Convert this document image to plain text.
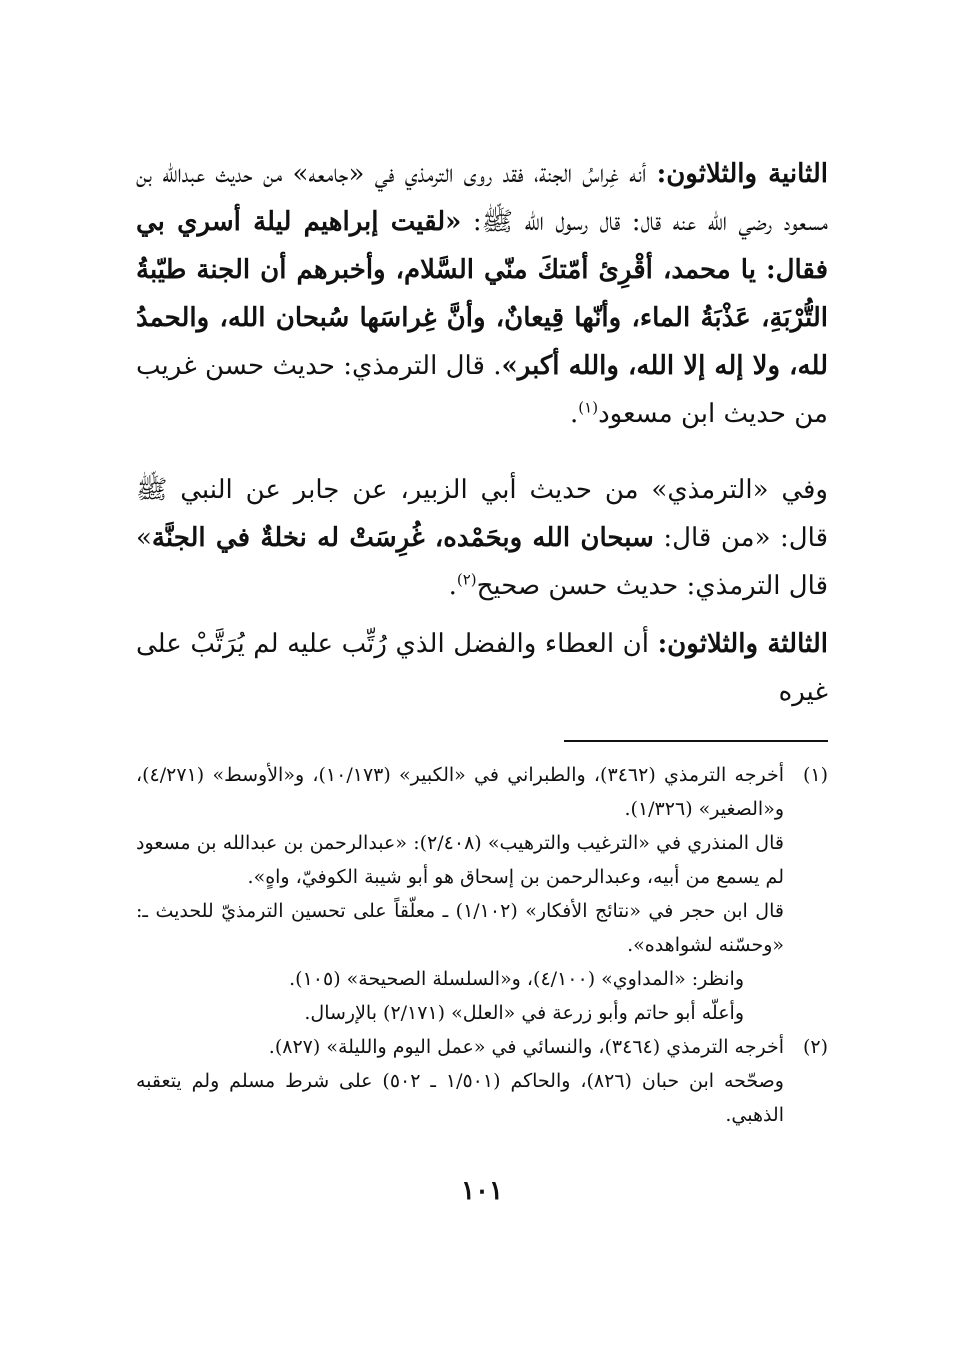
الثانية والثلاثون: أنه غِراسُ الجنة، فقد روى الترمذي في «جامعه» من حديث عبدالله بن مسعود رضي الله عنه قال: قال رسول الله ﷺ: «لقيت إبراهيم ليلة أسري بي فقال: يا محمد، أقْرِئ أمّتكَ منّي السَّلام، وأخبرهم أن الجنة طيّبةُ التُّرْبَةِ، عَذْبَةُ الماء، وأنّها قِيعانٌ، وأنَّ غِراسَها سُبحان الله، والحمدُ لله، ولا إله إلا الله، والله أكبر». قال الترمذي: حديث حسن غريب من حديث ابن مسعود$^{(١)}$.

وفي «الترمذي» من حديث أبي الزبير، عن جابر عن النبي ﷺ قال: «من قال: سبحان الله وبحَمْده، غُرِسَتْ له نخلةٌ في الجنَّة» قال الترمذي: حديث حسن صحيح$^{(٢)}$.

الثالثة والثلاثون: أن العطاء والفضل الذي رُتِّب عليه لم يُرَتَّبْ على غيره

(١)

أخرجه الترمذي (٣٤٦٢)، والطبراني في «الكبير» (١٠/١٧٣)، و«الأوسط» (٤/٢٧١)، و«الصغير» (١/٣٢٦).

قال المنذري في «الترغيب والترهيب» (٢/٤٠٨): «عبدالرحمن بن عبدالله بن مسعود لم يسمع من أبيه، وعبدالرحمن بن إسحاق هو أبو شيبة الكوفيّ، واهٍ».

قال ابن حجر في «نتائج الأفكار» (١/١٠٢) ـ معلّقاً على تحسين الترمذيّ للحديث ـ: «وحسّنه لشواهده».

وانظر: «المداوي» (٤/١٠٠)، و«السلسلة الصحيحة» (١٠٥).

وأعلّه أبو حاتم وأبو زرعة في «العلل» (٢/١٧١) بالإرسال.

(٢)

أخرجه الترمذي (٣٤٦٤)، والنسائي في «عمل اليوم والليلة» (٨٢٧).

وصحّحه ابن حبان (٨٢٦)، والحاكم (١/٥٠١ ـ ٥٠٢) على شرط مسلم ولم يتعقبه الذهبي.

١٠١
